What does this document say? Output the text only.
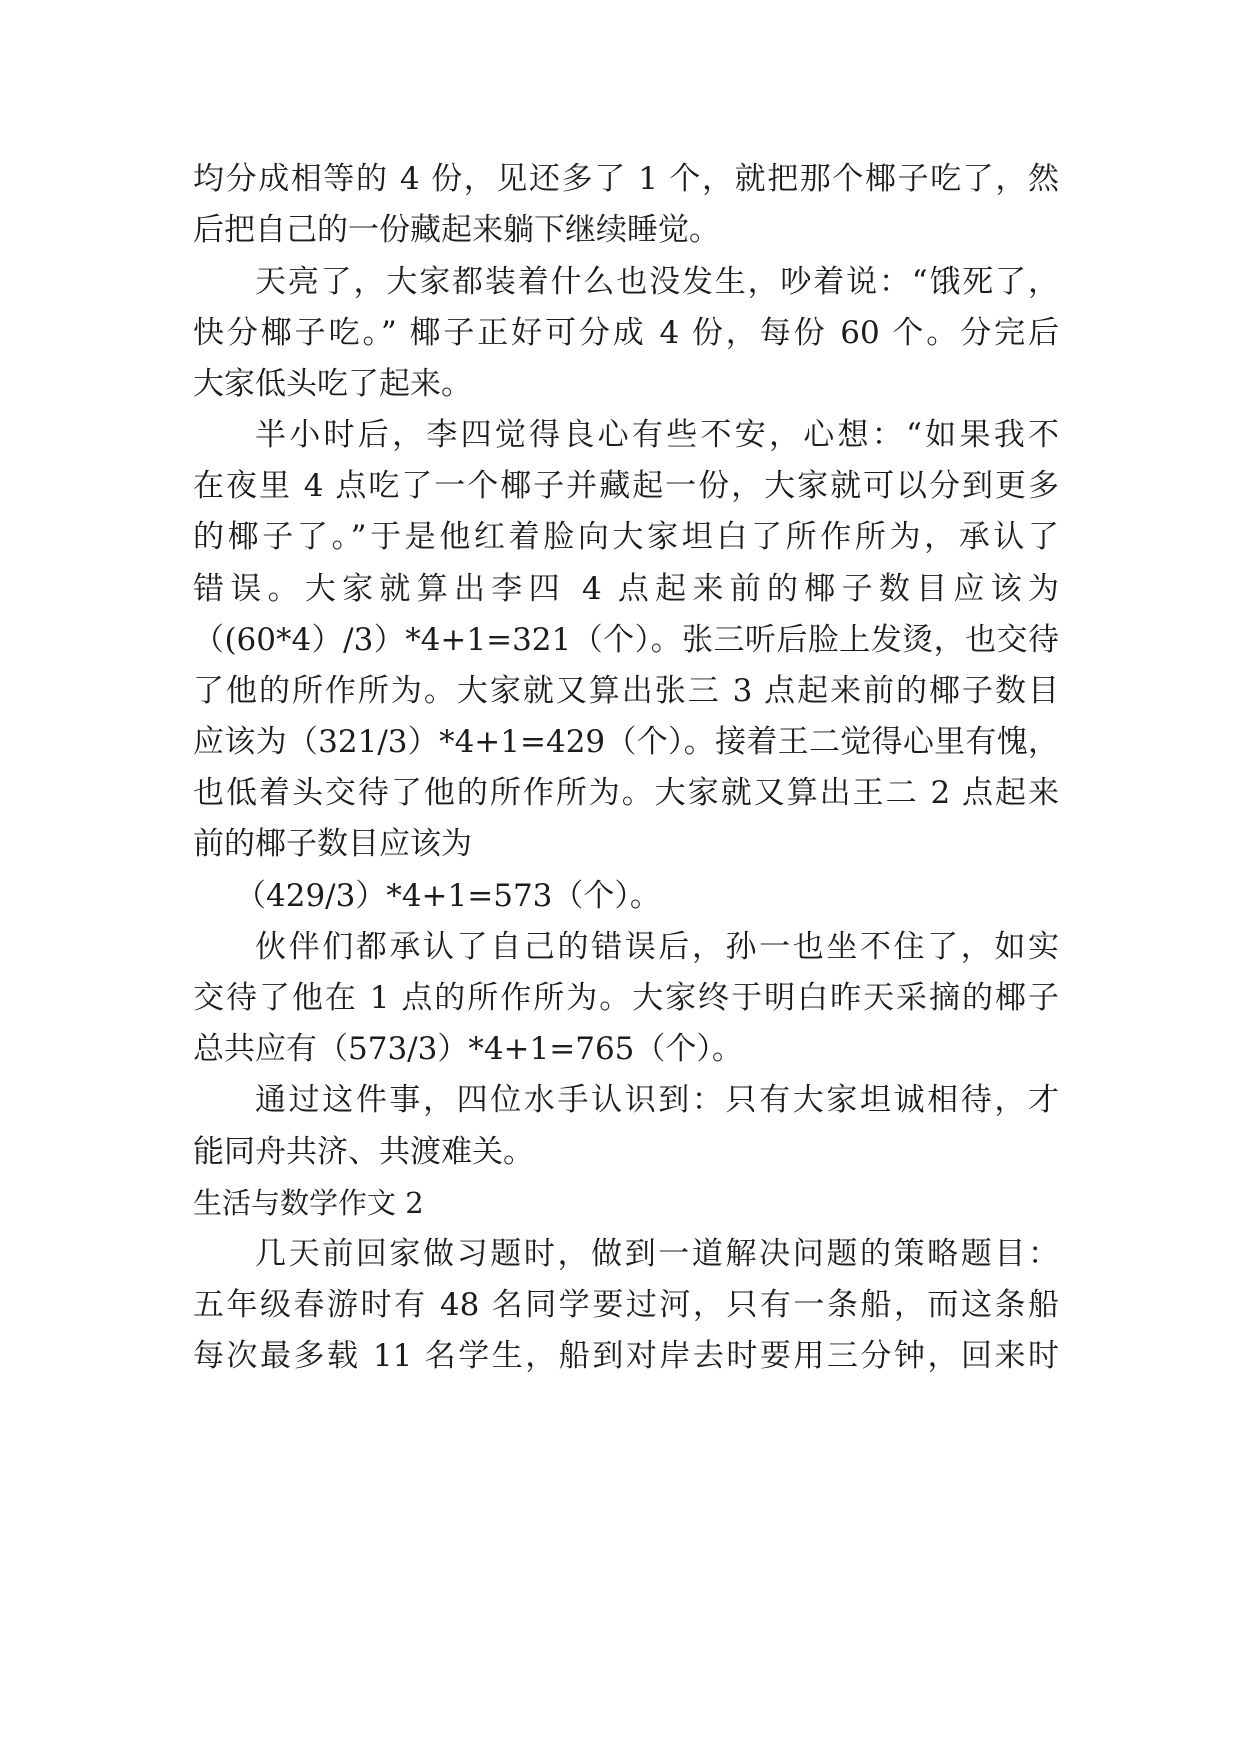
均分成相等的 4 份，见还多了 1 个，就把那个椰子吃了，然
后把自己的一份藏起来躺下继续睡觉。
天亮了，大家都装着什么也没发生，吵着说：“饿死了，
快分椰子吃。” 椰子正好可分成 4 份，每份 60 个。分完后
大家低头吃了起来。
半小时后，李四觉得良心有些不安，心想：“如果我不
在夜里 4 点吃了一个椰子并藏起一份，大家就可以分到更多
的椰子了。”于是他红着脸向大家坦白了所作所为，承认了
错误。大家就算出李四 4 点起来前的椰子数目应该为
（(60*4）/3）*4+1=321（个）。张三听后脸上发烫，也交待
了他的所作所为。大家就又算出张三 3 点起来前的椰子数目
应该为（321/3）*4+1=429（个）。接着王二觉得心里有愧，
也低着头交待了他的所作所为。大家就又算出王二 2 点起来
前的椰子数目应该为
（429/3）*4+1=573（个）。
伙伴们都承认了自己的错误后，孙一也坐不住了，如实
交待了他在 1 点的所作所为。大家终于明白昨天采摘的椰子
总共应有（573/3）*4+1=765（个）。
通过这件事，四位水手认识到：只有大家坦诚相待，才
能同舟共济、共渡难关。
生活与数学作文 2
几天前回家做习题时，做到一道解决问题的策略题目：
五年级春游时有 48 名同学要过河，只有一条船，而这条船
每次最多载 11 名学生，船到对岸去时要用三分钟，回来时
